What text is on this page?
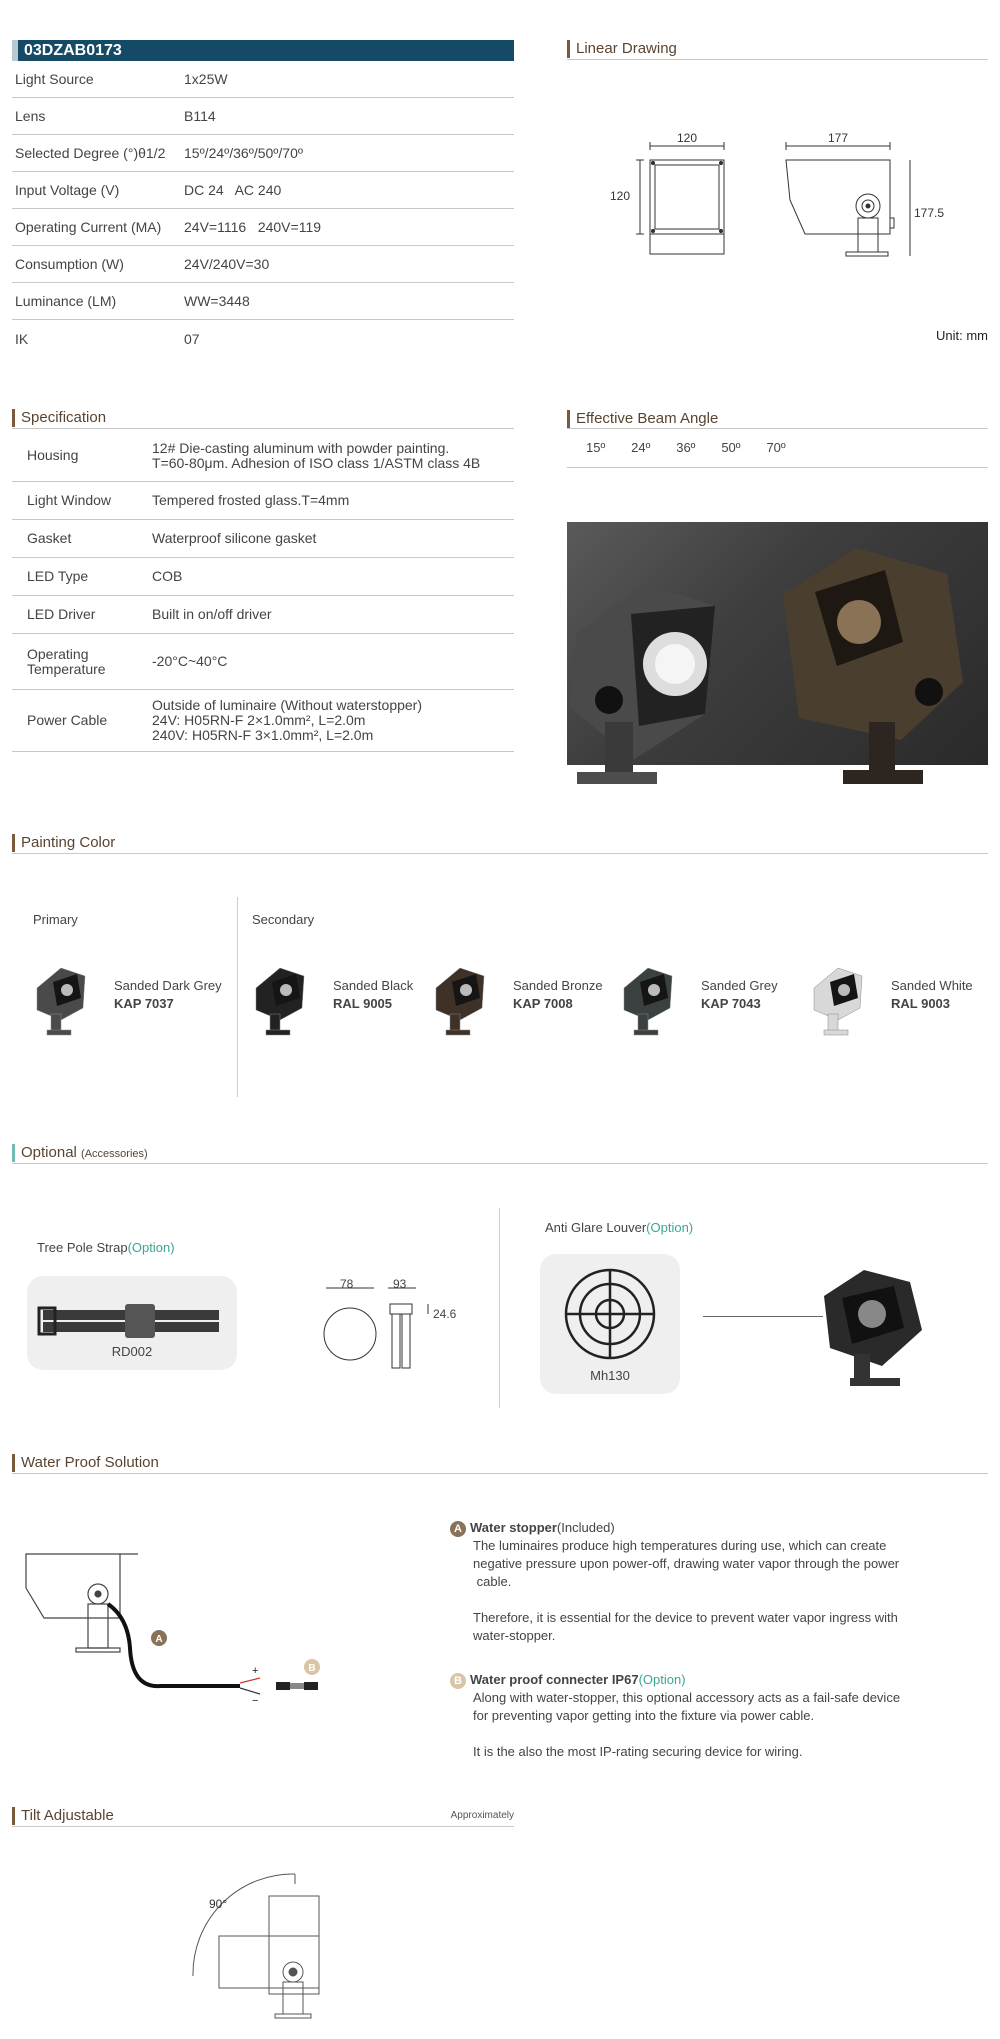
03DZAB0173
Light Source	1x25W
Lens	B114
Selected Degree (°)θ1/2	15º/24º/36º/50º/70º
Input Voltage (V)	DC 24   AC 240
Operating Current (MA)	24V=1116   240V=119
Consumption (W)	24V/240V=30
Luminance (LM)	WW=3448
IK	07
Linear Drawing
120
120
177
177.5
Unit: mm
Specification
Housing	12# Die-casting aluminum with powder painting.
T=60-80μm. Adhesion of ISO class 1/ASTM class 4B
Light Window	Tempered frosted glass.T=4mm
Gasket	Waterproof silicone gasket
LED Type	COB
LED Driver	Built in on/off driver
Operating
Temperature	-20°C~40°C
Power Cable
Outside of luminaire (Without waterstopper)
24V: H05RN-F 2×1.0mm², L=2.0m
240V: H05RN-F 3×1.0mm², L=2.0m
Effective Beam Angle
15º 24º 36º 50º 70º
Painting Color
Primary	Secondary
Sanded Dark Grey
KAP 7037
Sanded Black
RAL 9005
Sanded Bronze
KAP 7008
Sanded Grey
KAP 7043
Sanded White
RAL 9003
Optional (Accessories)
Tree Pole Strap(Option)
RD002
78	93
24.6
Anti Glare Louver(Option)
Mh130
Water Proof Solution
A
B
+
−
A Water stopper(Included)
The luminaires produce high temperatures during use, which can create
negative pressure upon power-off, drawing water vapor through the power
cable.
Therefore, it is essential for the device to prevent water vapor ingress with
water-stopper.
B Water proof connecter IP67(Option)
Along with water-stopper, this optional accessory acts as a fail-safe device
for preventing vapor getting into the fixture via power cable.
It is the also the most IP-rating securing device for wiring.
Tilt Adjustable	Approximately
90°
